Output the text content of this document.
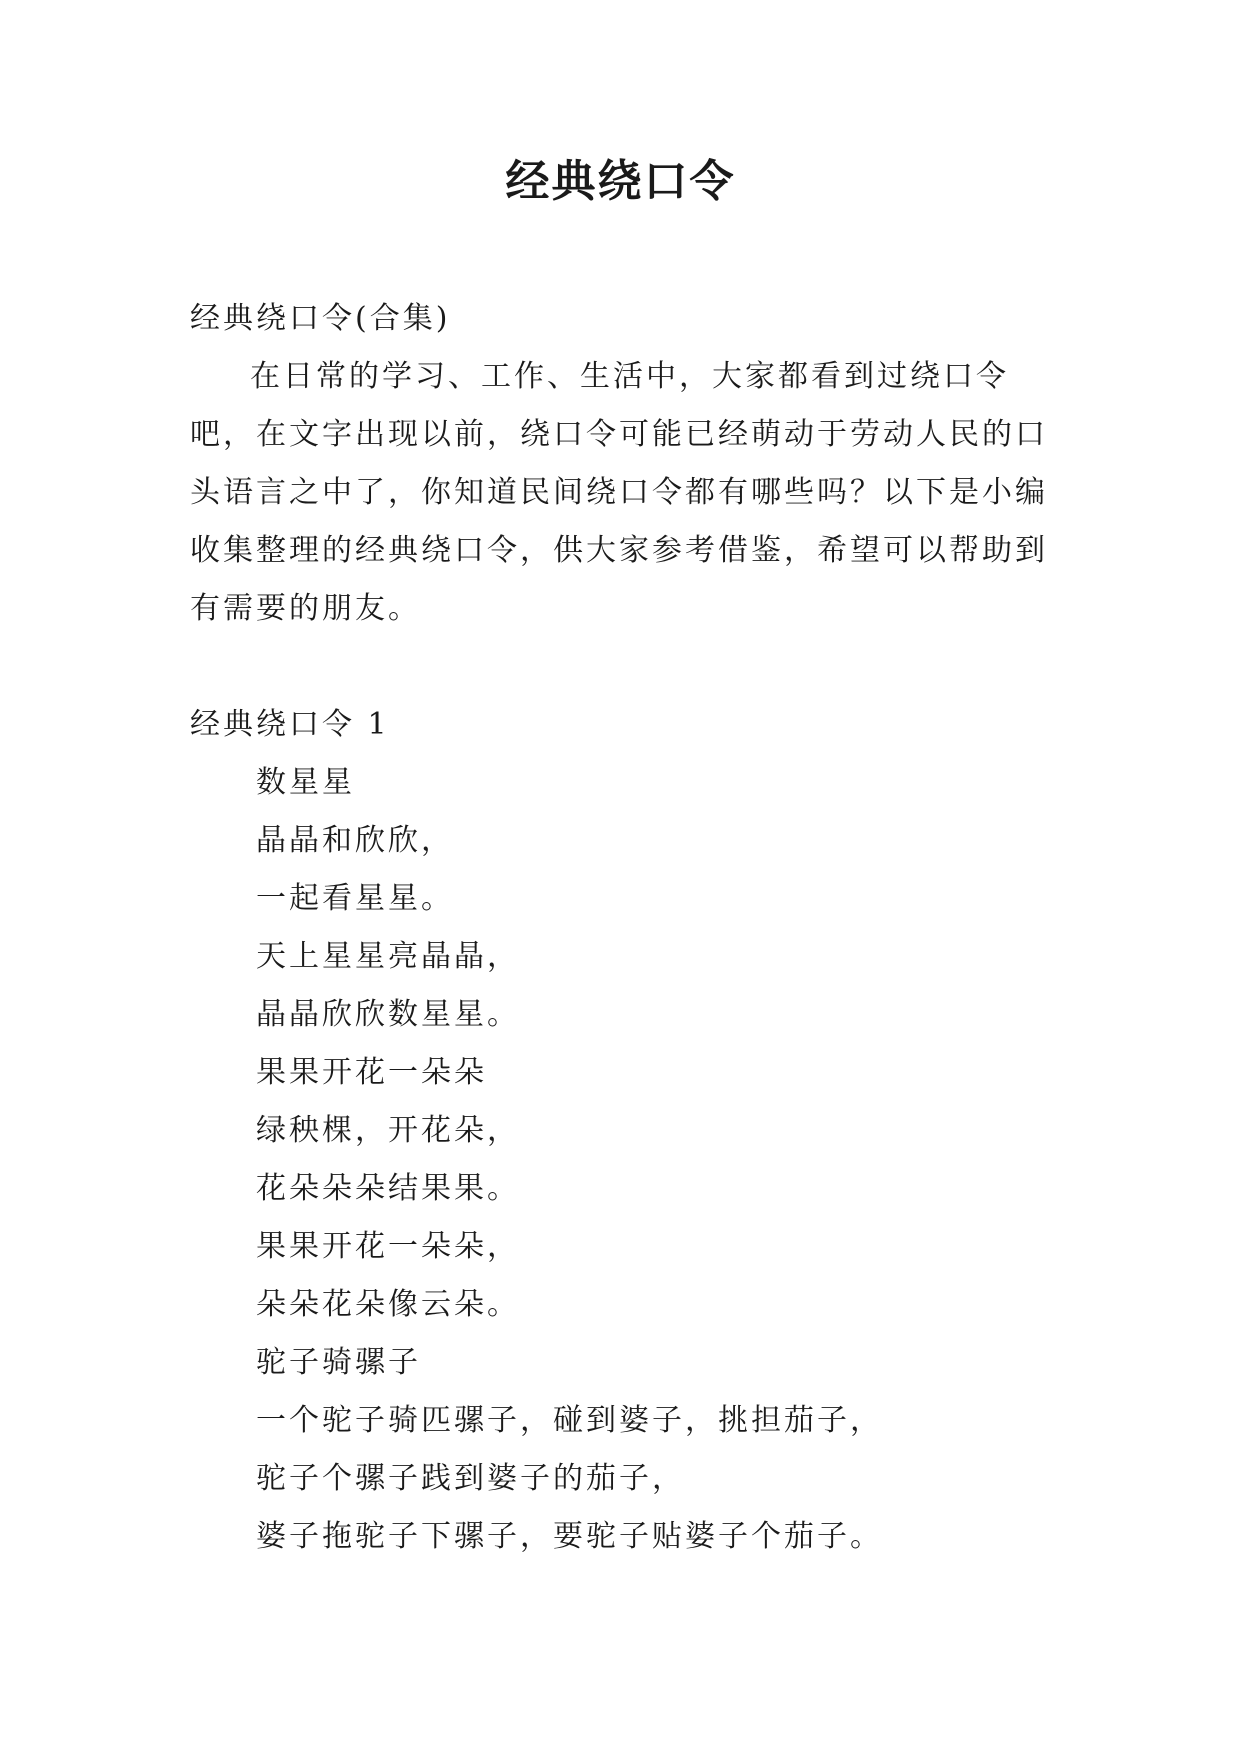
经典绕口令

经典绕口令(合集)

在日常的学习、工作、生活中，大家都看到过绕口令吧，在文字出现以前，绕口令可能已经萌动于劳动人民的口头语言之中了，你知道民间绕口令都有哪些吗？以下是小编收集整理的经典绕口令，供大家参考借鉴，希望可以帮助到有需要的朋友。

经典绕口令 1

数星星

晶晶和欣欣，

一起看星星。

天上星星亮晶晶，

晶晶欣欣数星星。

果果开花一朵朵

绿秧棵，开花朵，

花朵朵朵结果果。

果果开花一朵朵，

朵朵花朵像云朵。

驼子骑骡子

一个驼子骑匹骡子，碰到婆子，挑担茄子，

驼子个骡子践到婆子的茄子，

婆子拖驼子下骡子，要驼子贴婆子个茄子。
